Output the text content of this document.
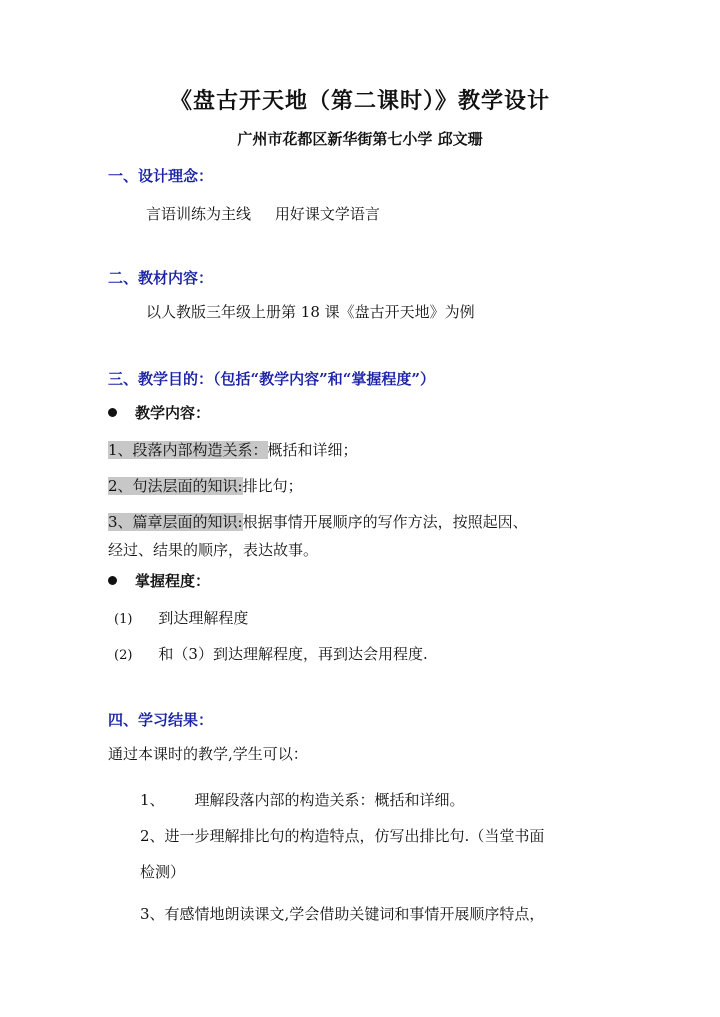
《盘古开天地（第二课时）》教学设计
广州市花都区新华街第七小学 邱文珊
一、设计理念：
言语训练为主线     用好课文学语言
二、教材内容：
以人教版三年级上册第 18 课《盘古开天地》为例
三、教学目的：（包括“教学内容”和“掌握程度”）
教学内容：
1、段落内部构造关系：概括和详细；
2、句法层面的知识:排比句；
3、篇章层面的知识:根据事情开展顺序的写作方法，按照起因、
经过、结果的顺序，表达故事。
掌握程度：
(1) 到达理解程度
(2) 和（3）到达理解程度，再到达会用程度.
四、学习结果：
通过本课时的教学,学生可以：
1、 理解段落内部的构造关系：概括和详细。
2、进一步理解排比句的构造特点，仿写出排比句.（当堂书面
检测）
3、有感情地朗读课文,学会借助关键词和事情开展顺序特点，
